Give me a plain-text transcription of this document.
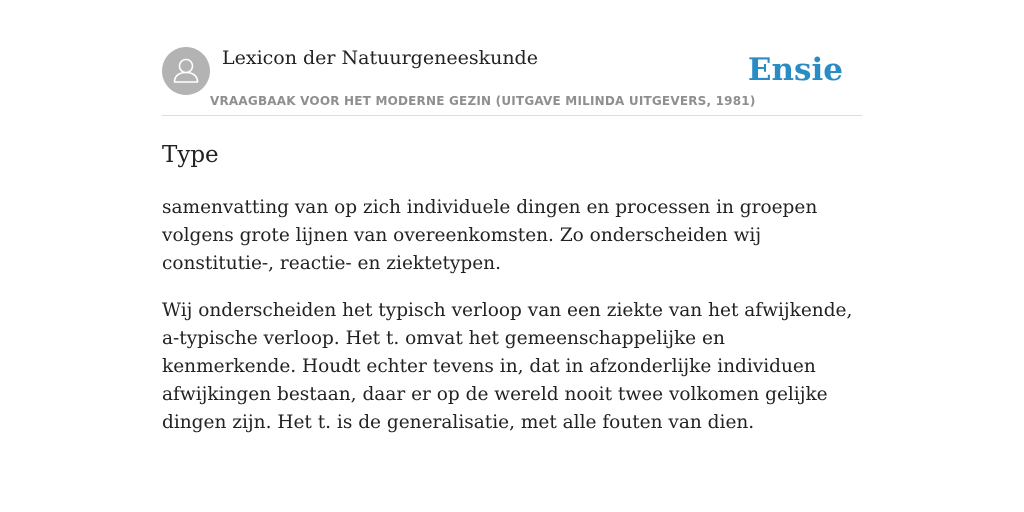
Lexicon der Natuurgeneeskunde
VRAAGBAAK VOOR HET MODERNE GEZIN (UITGAVE MILINDA UITGEVERS, 1981)
Ensie
Type

samenvatting van op zich individuele dingen en processen in groepen volgens grote lijnen van overeenkomsten. Zo onderscheiden wij constitutie-, reactie- en ziektetypen.

Wij onderscheiden het typisch verloop van een ziekte van het afwijkende, a-typische verloop. Het t. omvat het gemeenschappelijke en kenmerkende. Houdt echter tevens in, dat in afzonderlijke individuen afwijkingen bestaan, daar er op de wereld nooit twee volkomen gelijke dingen zijn. Het t. is de generalisatie, met alle fouten van dien.
